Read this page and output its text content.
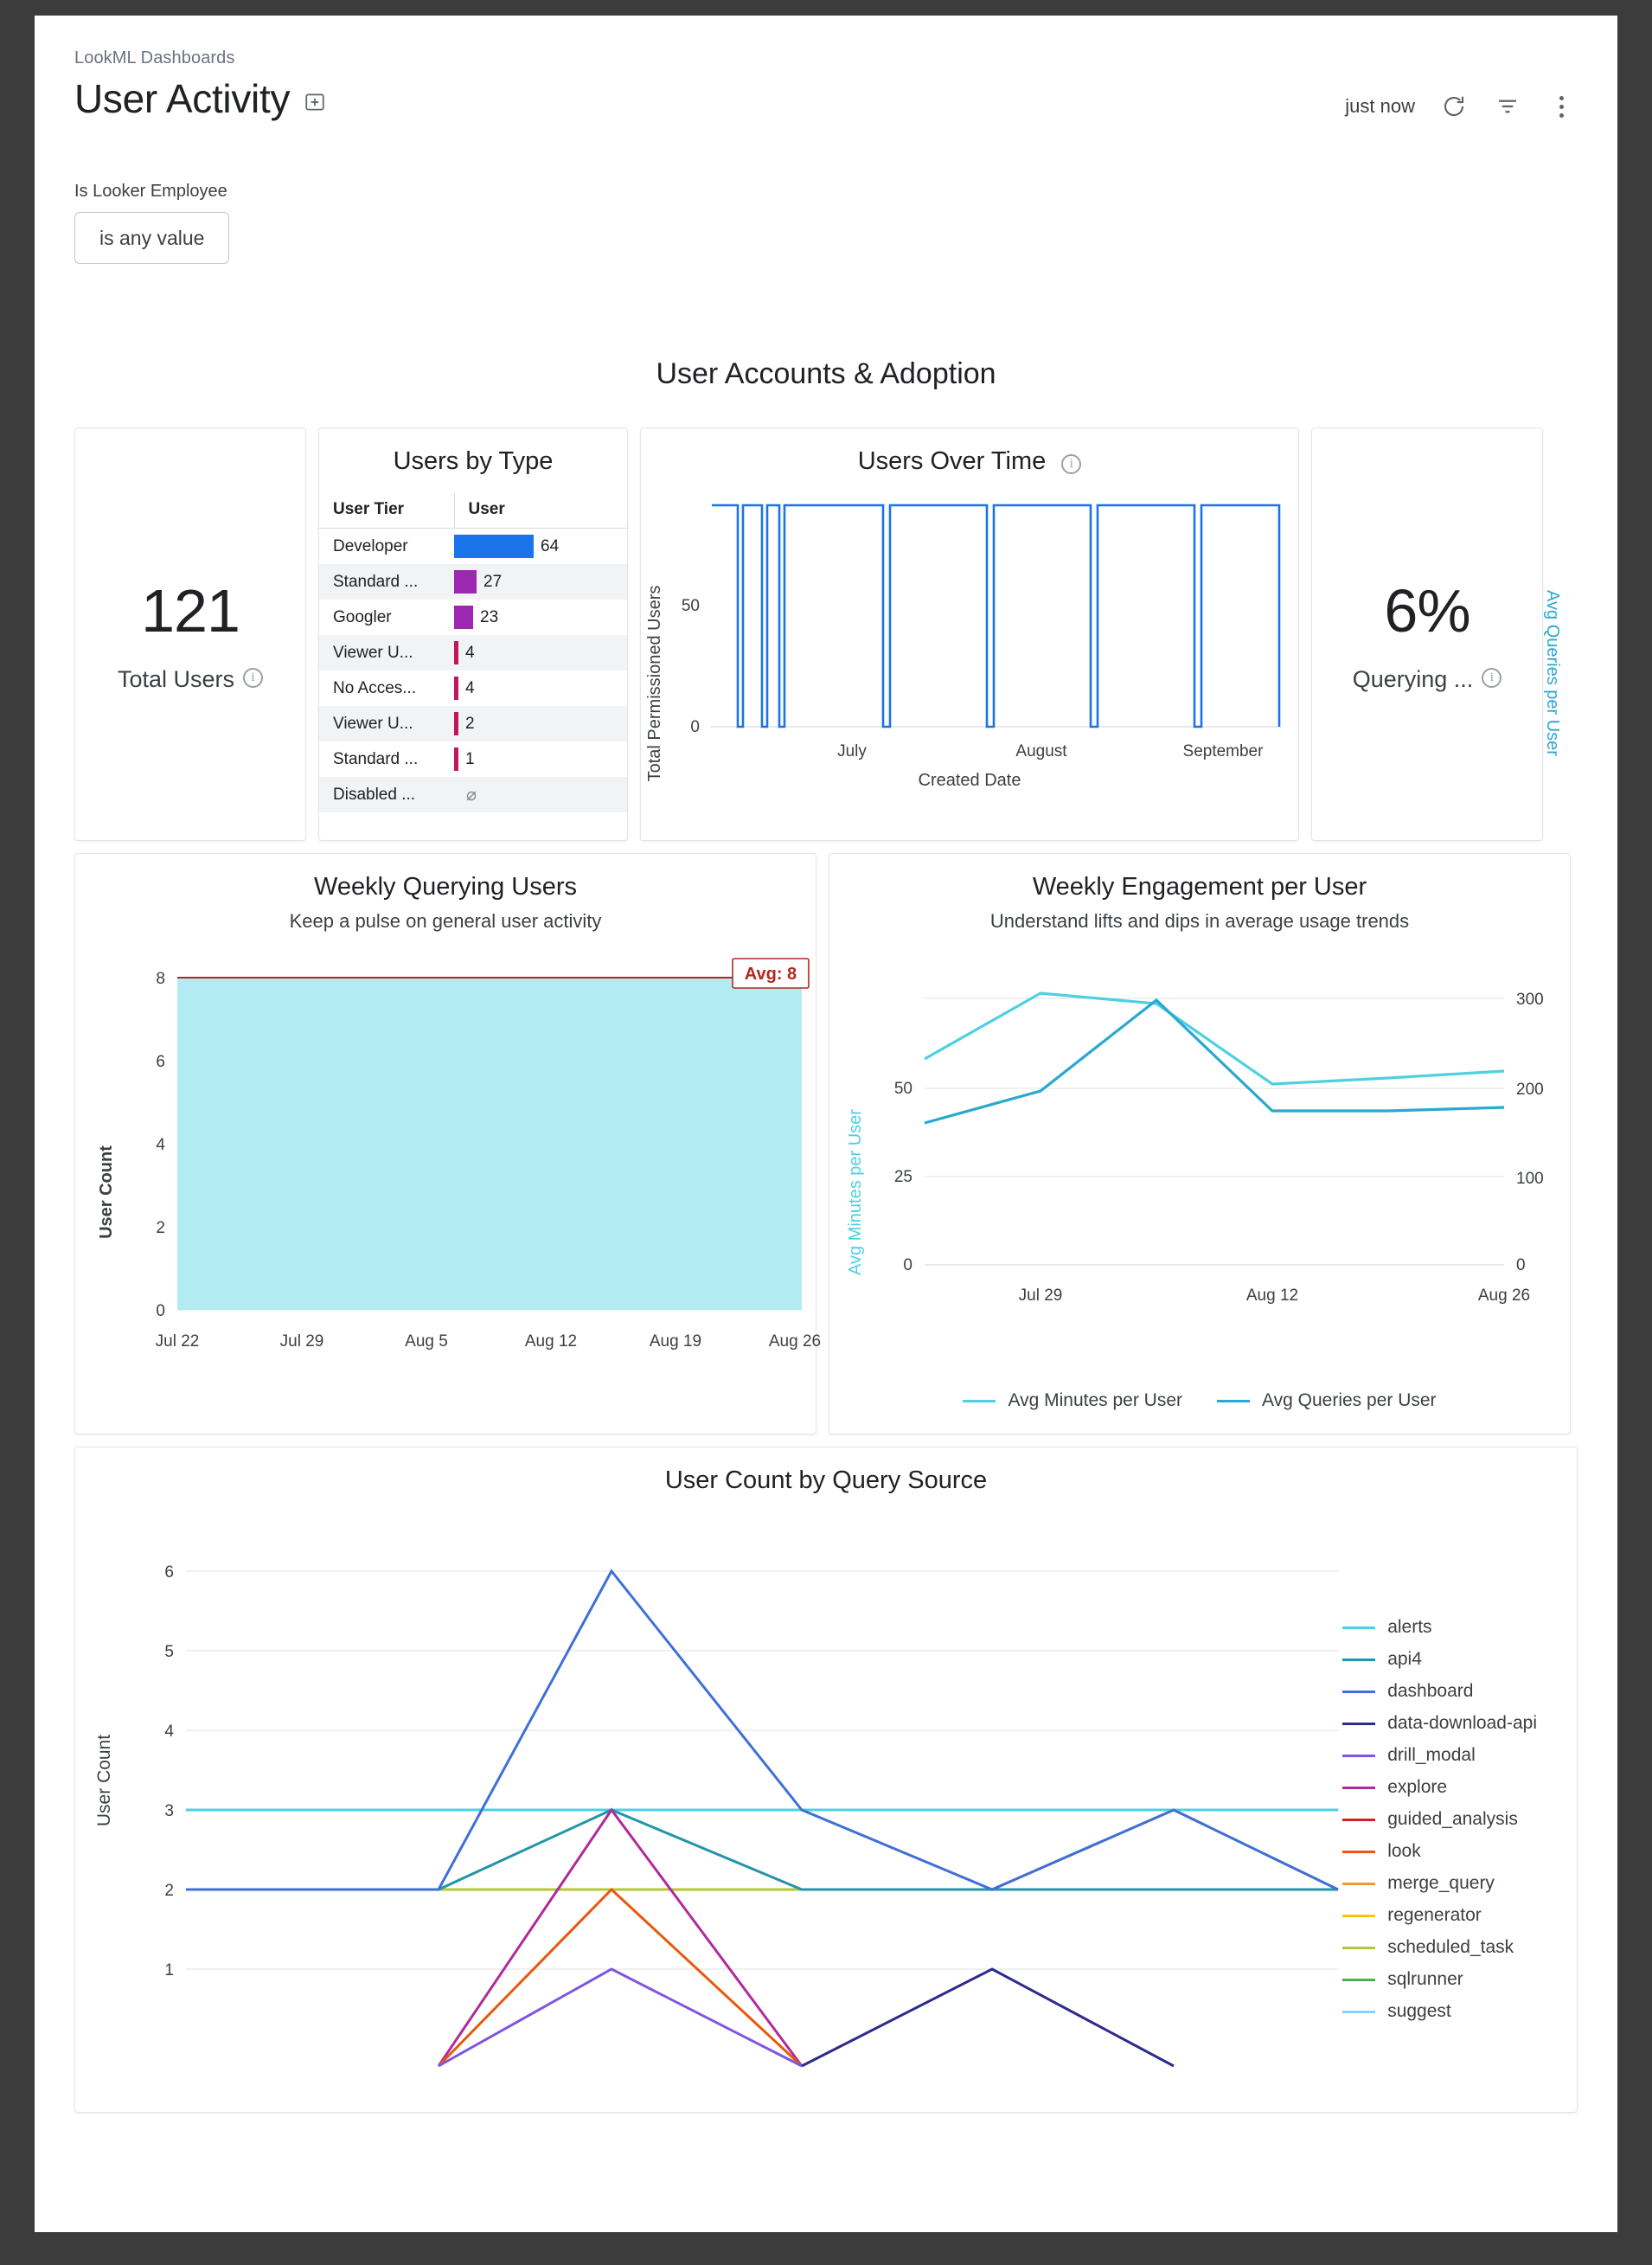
LookML Dashboards
User Activity	just now
Is Looker Employee
is any value
User Accounts & Adoption
121
Total Users	i
Users by Type
User Tier	User
Developer	64

Standard ...	27

Googler	23

Viewer U...	4

No Acces...	4

Viewer U...	2

Standard ...	1

Disabled ...	⌀
Users Over Time i
Total Permissioned Users 0
50
July	August	September
Created Date
6%
Querying ...	i
Weekly Querying Users
Keep a pulse on general user activity
User Count
8
6
4
2
0
Avg: 8
Jul 22	Jul 29	Aug 5	Aug 12	Aug 19	Aug 26
Weekly Engagement per User
Understand lifts and dips in average usage trends
Avg Minutes per User
Avg Queries per User
50
25
0
300
200
100
0
Jul 29	Aug 12	Aug 26
Avg Minutes per User	Avg Queries per User
User Count by Query Source
User Count
6
5
4
3
2
1
alerts
api4
dashboard
data-download-api
drill_modal
explore
guided_analysis
look
merge_query
regenerator
scheduled_task
sqlrunner
suggest
